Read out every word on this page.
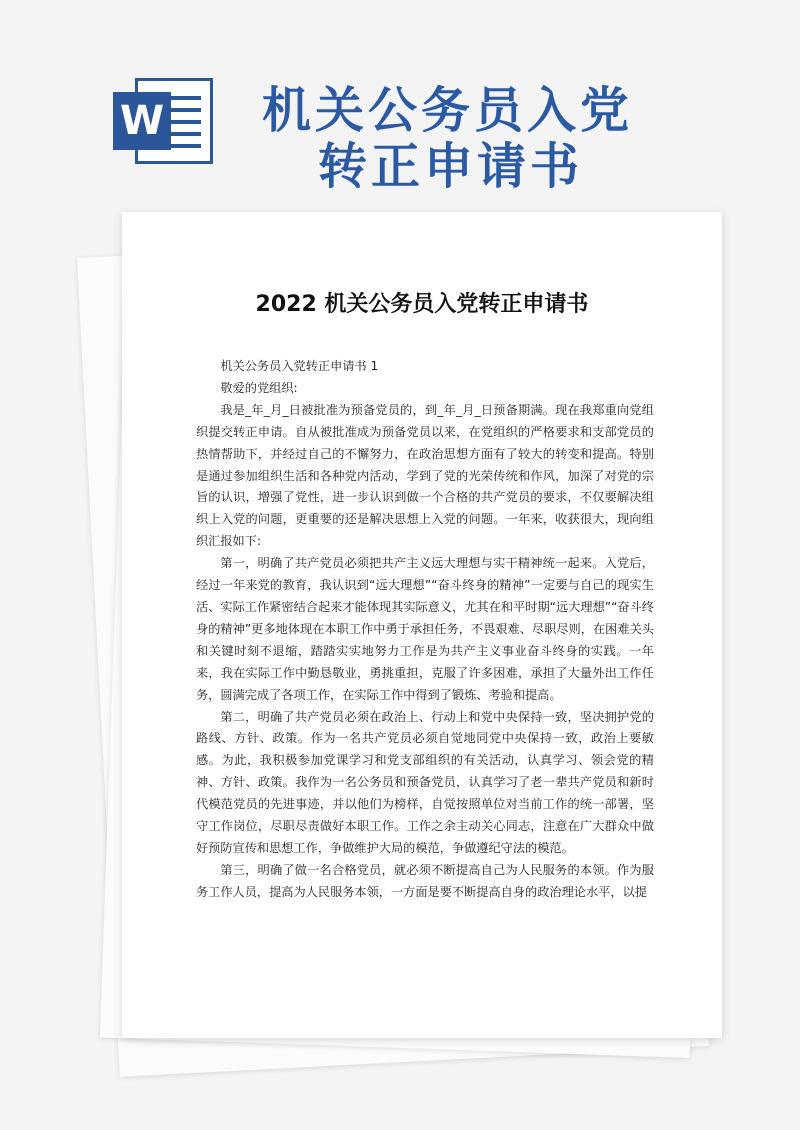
W 机关公务员入党
转正申请书
2022 机关公务员入党转正申请书

机关公务员入党转正申请书 1

敬爱的党组织:

我是_年_月_日被批准为预备党员的，到_年_月_日预备期满。现在我郑重向党组织提交转正申请。自从被批准成为预备党员以来，在党组织的严格要求和支部党员的热情帮助下，并经过自己的不懈努力，在政治思想方面有了较大的转变和提高。特别是通过参加组织生活和各种党内活动，学到了党的光荣传统和作风，加深了对党的宗旨的认识，增强了党性，进一步认识到做一个合格的共产党员的要求，不仅要解决组织上入党的问题，更重要的还是解决思想上入党的问题。一年来，收获很大，现向组织汇报如下:

第一，明确了共产党员必须把共产主义远大理想与实干精神统一起来。入党后，经过一年来党的教育，我认识到“远大理想”“奋斗终身的精神”一定要与自己的现实生活、实际工作紧密结合起来才能体现其实际意义，尤其在和平时期“远大理想”“奋斗终身的精神”更多地体现在本职工作中勇于承担任务，不畏艰难、尽职尽则，在困难关头和关键时刻不退缩，踏踏实实地努力工作是为共产主义事业奋斗终身的实践。一年来，我在实际工作中勤恳敬业，勇挑重担，克服了许多困难，承担了大量外出工作任务，圆满完成了各项工作，在实际工作中得到了锻炼、考验和提高。

第二，明确了共产党员必须在政治上、行动上和党中央保持一致，坚决拥护党的路线、方针、政策。作为一名共产党员必须自觉地同党中央保持一致，政治上要敏感。为此，我积极参加党课学习和党支部组织的有关活动，认真学习、领会党的精神、方针、政策。我作为一名公务员和预备党员，认真学习了老一辈共产党员和新时代模范党员的先进事迹，并以他们为榜样，自觉按照单位对当前工作的统一部署，坚守工作岗位，尽职尽责做好本职工作。工作之余主动关心同志，注意在广大群众中做好预防宣传和思想工作，争做维护大局的模范，争做遵纪守法的模范。

第三，明确了做一名合格党员，就必须不断提高自己为人民服务的本领。作为服务工作人员，提高为人民服务本领，一方面是要不断提高自身的政治理论水平，以提
